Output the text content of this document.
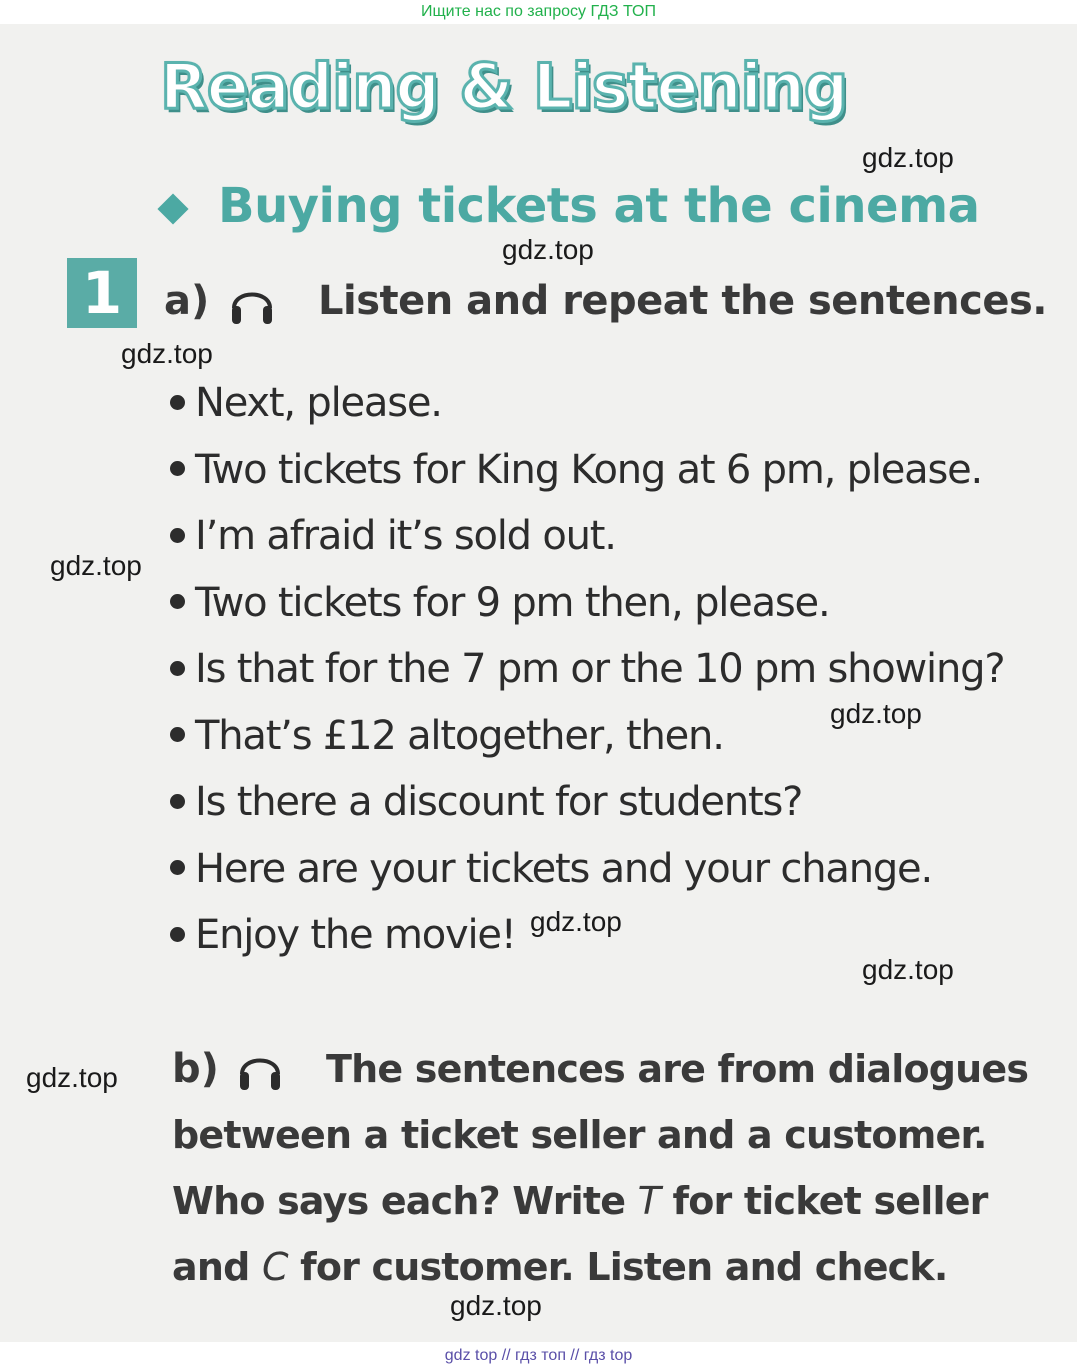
Ищите нас по запросу ГДЗ ТОП
Reading & Listening
Buying tickets at the cinema
1	a)	Listen and repeat the sentences.
Next, please.
Two tickets for King Kong at 6 pm, please.
I’m afraid it’s sold out.
Two tickets for 9 pm then, please.
Is that for the 7 pm or the 10 pm showing?
That’s £12 altogether, then.
Is there a discount for students?
Here are your tickets and your change.
Enjoy the movie!
b)	The sentences are from dialogues
between a ticket seller and a customer.
Who says each? Write T for ticket seller
and C for customer. Listen and check.
gdz.top
gdz.top
gdz.top
gdz.top
gdz.top
gdz.top
gdz.top
gdz.top
gdz.top
gdz top // гдз топ // гдз top
